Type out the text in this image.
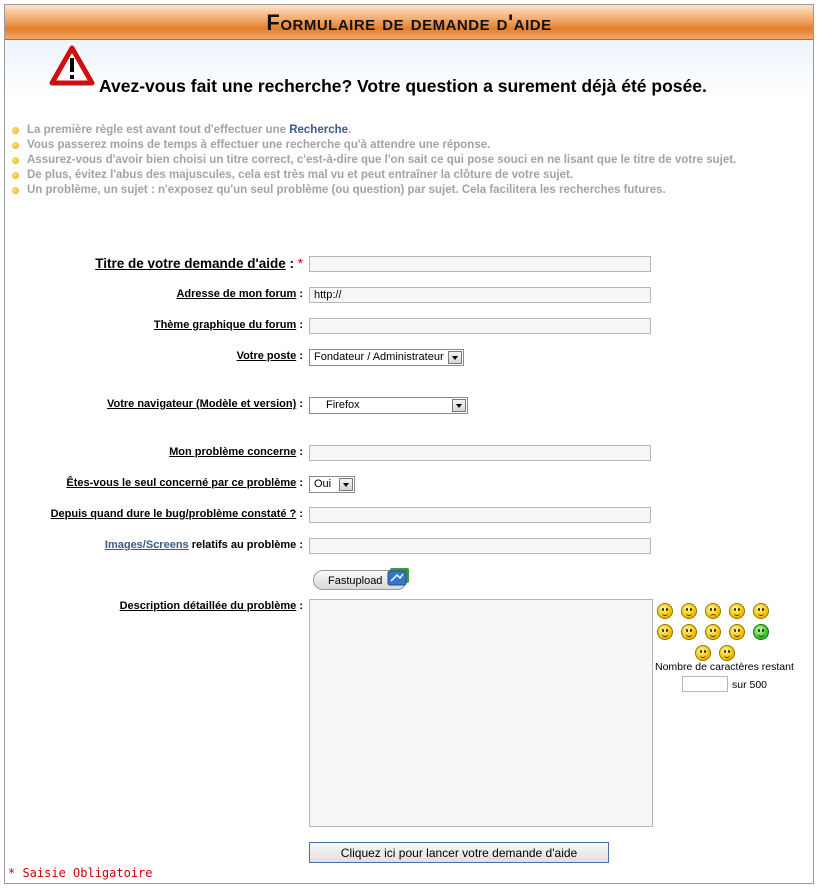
Formulaire de demande d'aide
Avez-vous fait une recherche? Votre question a surement déjà été posée.
La première règle est avant tout d'effectuer une Recherche.
Vous passerez moins de temps à effectuer une recherche qu'à attendre une réponse.
Assurez-vous d'avoir bien choisi un titre correct, c'est-à-dire que l'on sait ce qui pose souci en ne lisant que le titre de votre sujet.
De plus, évitez l'abus des majuscules, cela est très mal vu et peut entraîner la clôture de votre sujet.
Un problème, un sujet : n'exposez qu'un seul problème (ou question) par sujet. Cela facilitera les recherches futures.
Titre de votre demande d'aide : *
Adresse de mon forum :
http://
Thème graphique du forum :
Votre poste :	Fondateur / Administrateur
Votre navigateur (Modèle et version) :	Firefox
Mon problème concerne :
Êtes-vous le seul concerné par ce problème :	Oui
Depuis quand dure le bug/problème constaté ? :
Images/Screens relatifs au problème :
Fastupload
Description détaillée du problème :
Nombre de caractères restant
sur 500
Cliquez ici pour lancer votre demande d'aide
* Saisie Obligatoire
